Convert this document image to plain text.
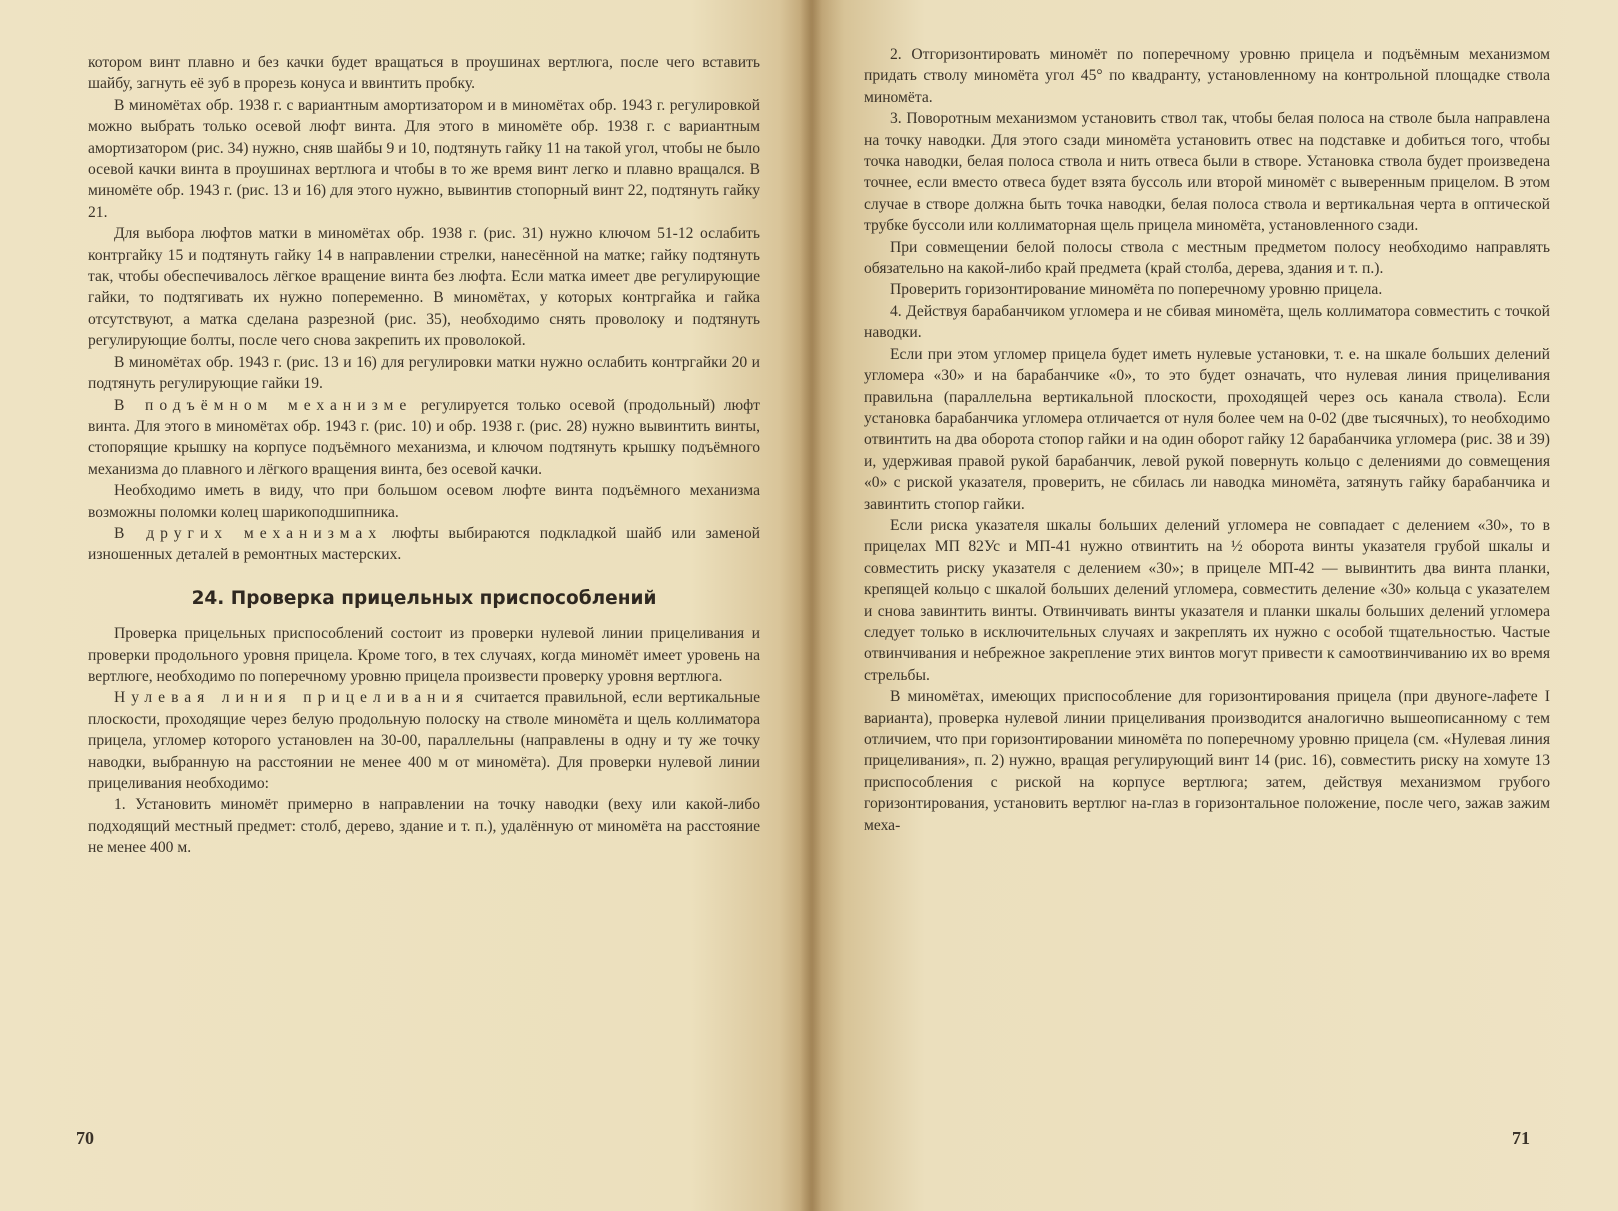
котором винт плавно и без качки будет вращаться в проушинах вертлюга, после чего вставить шайбу, загнуть её зуб в прорезь конуса и ввинтить пробку.

В миномётах обр. 1938 г. с вариантным амортизатором и в миномётах обр. 1943 г. регулировкой можно выбрать только осевой люфт винта. Для этого в миномёте обр. 1938 г. с вариантным амортизатором (рис. 34) нужно, сняв шайбы 9 и 10, подтянуть гайку 11 на такой угол, чтобы не было осевой качки винта в проушинах вертлюга и чтобы в то же время винт легко и плавно вращался. В миномёте обр. 1943 г. (рис. 13 и 16) для этого нужно, вывинтив стопорный винт 22, подтянуть гайку 21.

Для выбора люфтов матки в миномётах обр. 1938 г. (рис. 31) нужно ключом 51-12 ослабить контргайку 15 и подтянуть гайку 14 в направлении стрелки, нанесённой на матке; гайку подтянуть так, чтобы обеспечивалось лёгкое вращение винта без люфта. Если матка имеет две регулирующие гайки, то подтягивать их нужно попеременно. В миномётах, у которых контргайка и гайка отсутствуют, а матка сделана разрезной (рис. 35), необходимо снять проволоку и подтянуть регулирующие болты, после чего снова закрепить их проволокой.

В миномётах обр. 1943 г. (рис. 13 и 16) для регулировки матки нужно ослабить контргайки 20 и подтянуть регулирующие гайки 19.

В подъёмном механизме регулируется только осевой (продольный) люфт винта. Для этого в миномётах обр. 1943 г. (рис. 10) и обр. 1938 г. (рис. 28) нужно вывинтить винты, стопорящие крышку на корпусе подъёмного механизма, и ключом подтянуть крышку подъёмного механизма до плавного и лёгкого вращения винта, без осевой качки.

Необходимо иметь в виду, что при большом осевом люфте винта подъёмного механизма возможны поломки колец шарикоподшипника.

В других механизмах люфты выбираются подкладкой шайб или заменой изношенных деталей в ремонтных мастерских.

24. Проверка прицельных приспособлений

Проверка прицельных приспособлений состоит из проверки нулевой линии прицеливания и проверки продольного уровня прицела. Кроме того, в тех случаях, когда миномёт имеет уровень на вертлюге, необходимо по поперечному уровню прицела произвести проверку уровня вертлюга.

Нулевая линия прицеливания считается правильной, если вертикальные плоскости, проходящие через белую продольную полоску на стволе миномёта и щель коллиматора прицела, угломер которого установлен на 30-00, параллельны (направлены в одну и ту же точку наводки, выбранную на расстоянии не менее 400 м от миномёта). Для проверки нулевой линии прицеливания необходимо:

1. Установить миномёт примерно в направлении на точку наводки (веху или какой-либо подходящий местный предмет: столб, дерево, здание и т. п.), удалённую от миномёта на расстояние не менее 400 м.

70

2. Отгоризонтировать миномёт по поперечному уровню прицела и подъёмным механизмом придать стволу миномёта угол 45° по квадранту, установленному на контрольной площадке ствола миномёта.

3. Поворотным механизмом установить ствол так, чтобы белая полоса на стволе была направлена на точку наводки. Для этого сзади миномёта установить отвес на подставке и добиться того, чтобы точка наводки, белая полоса ствола и нить отвеса были в створе. Установка ствола будет произведена точнее, если вместо отвеса будет взята буссоль или второй миномёт с выверенным прицелом. В этом случае в створе должна быть точка наводки, белая полоса ствола и вертикальная черта в оптической трубке буссоли или коллиматорная щель прицела миномёта, установленного сзади.

При совмещении белой полосы ствола с местным предметом полосу необходимо направлять обязательно на какой-либо край предмета (край столба, дерева, здания и т. п.).

Проверить горизонтирование миномёта по поперечному уровню прицела.

4. Действуя барабанчиком угломера и не сбивая миномёта, щель коллиматора совместить с точкой наводки.

Если при этом угломер прицела будет иметь нулевые установки, т. е. на шкале больших делений угломера «30» и на барабанчике «0», то это будет означать, что нулевая линия прицеливания правильна (параллельна вертикальной плоскости, проходящей через ось канала ствола). Если установка барабанчика угломера отличается от нуля более чем на 0-02 (две тысячных), то необходимо отвинтить на два оборота стопор гайки и на один оборот гайку 12 барабанчика угломера (рис. 38 и 39) и, удерживая правой рукой барабанчик, левой рукой повернуть кольцо с делениями до совмещения «0» с риской указателя, проверить, не сбилась ли наводка миномёта, затянуть гайку барабанчика и завинтить стопор гайки.

Если риска указателя шкалы больших делений угломера не совпадает с делением «30», то в прицелах МП 82Ус и МП-41 нужно отвинтить на ½ оборота винты указателя грубой шкалы и совместить риску указателя с делением «30»; в прицеле МП-42 — вывинтить два винта планки, крепящей кольцо с шкалой больших делений угломера, совместить деление «30» кольца с указателем и снова завинтить винты. Отвинчивать винты указателя и планки шкалы больших делений угломера следует только в исключительных случаях и закреплять их нужно с особой тщательностью. Частые отвинчивания и небрежное закрепление этих винтов могут привести к самоотвинчиванию их во время стрельбы.

В миномётах, имеющих приспособление для горизонтирования прицела (при двуноге-лафете I варианта), проверка нулевой линии прицеливания производится аналогично вышеописанному с тем отличием, что при горизонтировании миномёта по поперечному уровню прицела (см. «Нулевая линия прицеливания», п. 2) нужно, вращая регулирующий винт 14 (рис. 16), совместить риску на хомуте 13 приспособления с риской на корпусе вертлюга; затем, действуя механизмом грубого горизонтирования, установить вертлюг на-глаз в горизонтальное положение, после чего, зажав зажим меха-

71
